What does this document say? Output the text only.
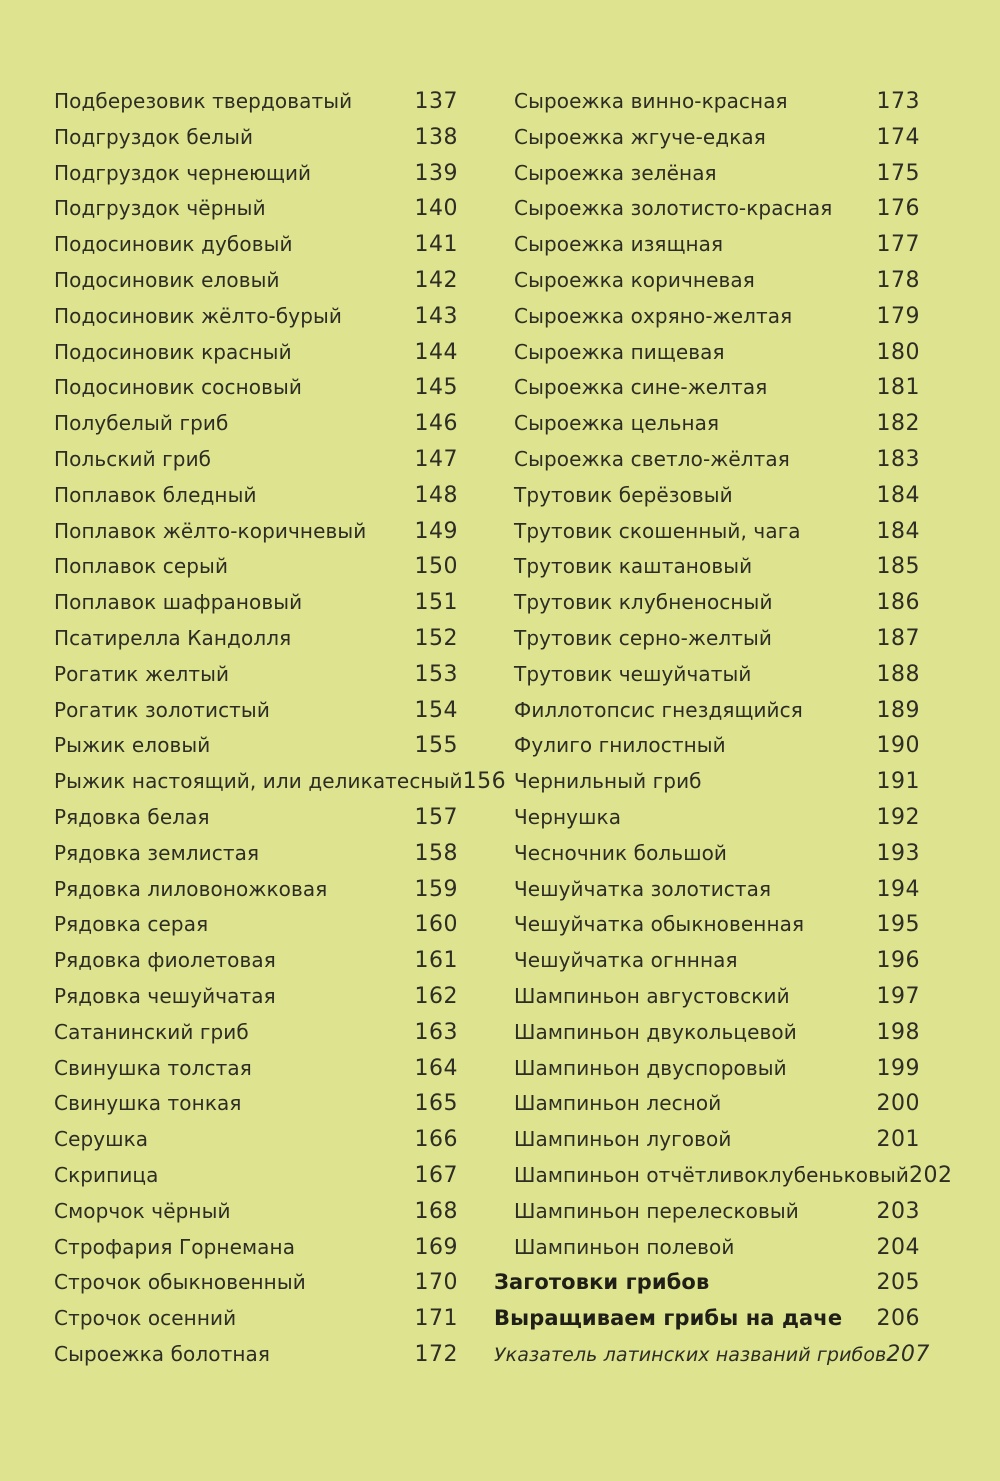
Подберезовик твердоватый	137
Подгруздок белый	138
Подгруздок чернеющий	139
Подгруздок чёрный	140
Подосиновик дубовый	141
Подосиновик еловый	142
Подосиновик жёлто-бурый	143
Подосиновик красный	144
Подосиновик сосновый	145
Полубелый гриб	146
Польский гриб	147
Поплавок бледный	148
Поплавок жёлто-коричневый 149
Поплавок серый	150
Поплавок шафрановый	151
Псатирелла Кандолля	152
Рогатик желтый	153
Рогатик золотистый	154
Рыжик еловый	155
Рыжик настоящий, или деликатесный 156
Рядовка белая	157
Рядовка землистая	158
Рядовка лиловоножковая	159
Рядовка серая	160
Рядовка фиолетовая	161
Рядовка чешуйчатая	162
Сатанинский гриб	163
Свинушка толстая	164
Свинушка тонкая	165
Серушка	166
Скрипица	167
Сморчок чёрный	168
Строфария Горнемана	169
Строчок обыкновенный	170
Строчок осенний	171
Сыроежка болотная	172
Сыроежка винно-красная	173
Сыроежка жгуче-едкая	174
Сыроежка зелёная	175
Сыроежка золотисто-красная 176
Сыроежка изящная	177
Сыроежка коричневая	178
Сыроежка охряно-желтая	179
Сыроежка пищевая	180
Сыроежка сине-желтая	181
Сыроежка цельная	182
Сыроежка светло-жёлтая	183
Трутовик берёзовый	184
Трутовик скошенный, чага	184
Трутовик каштановый	185
Трутовик клубненосный	186
Трутовик серно-желтый	187
Трутовик чешуйчатый	188
Филлотопсис гнездящийся	189
Фулиго гнилостный	190
Чернильный гриб	191
Чернушка	192
Чесночник большой	193
Чешуйчатка золотистая	194
Чешуйчатка обыкновенная	195
Чешуйчатка огннная	196
Шампиньон августовский	197
Шампиньон двукольцевой	198
Шампиньон двуспоровый	199
Шампиньон лесной	200
Шампиньон луговой	201
Шампиньон отчётливоклубеньковый 202
Шампиньон перелесковый	203
Шампиньон полевой	204
Заготовки грибов	205
Выращиваем грибы на даче 206
Указатель латинских названий грибов 207
